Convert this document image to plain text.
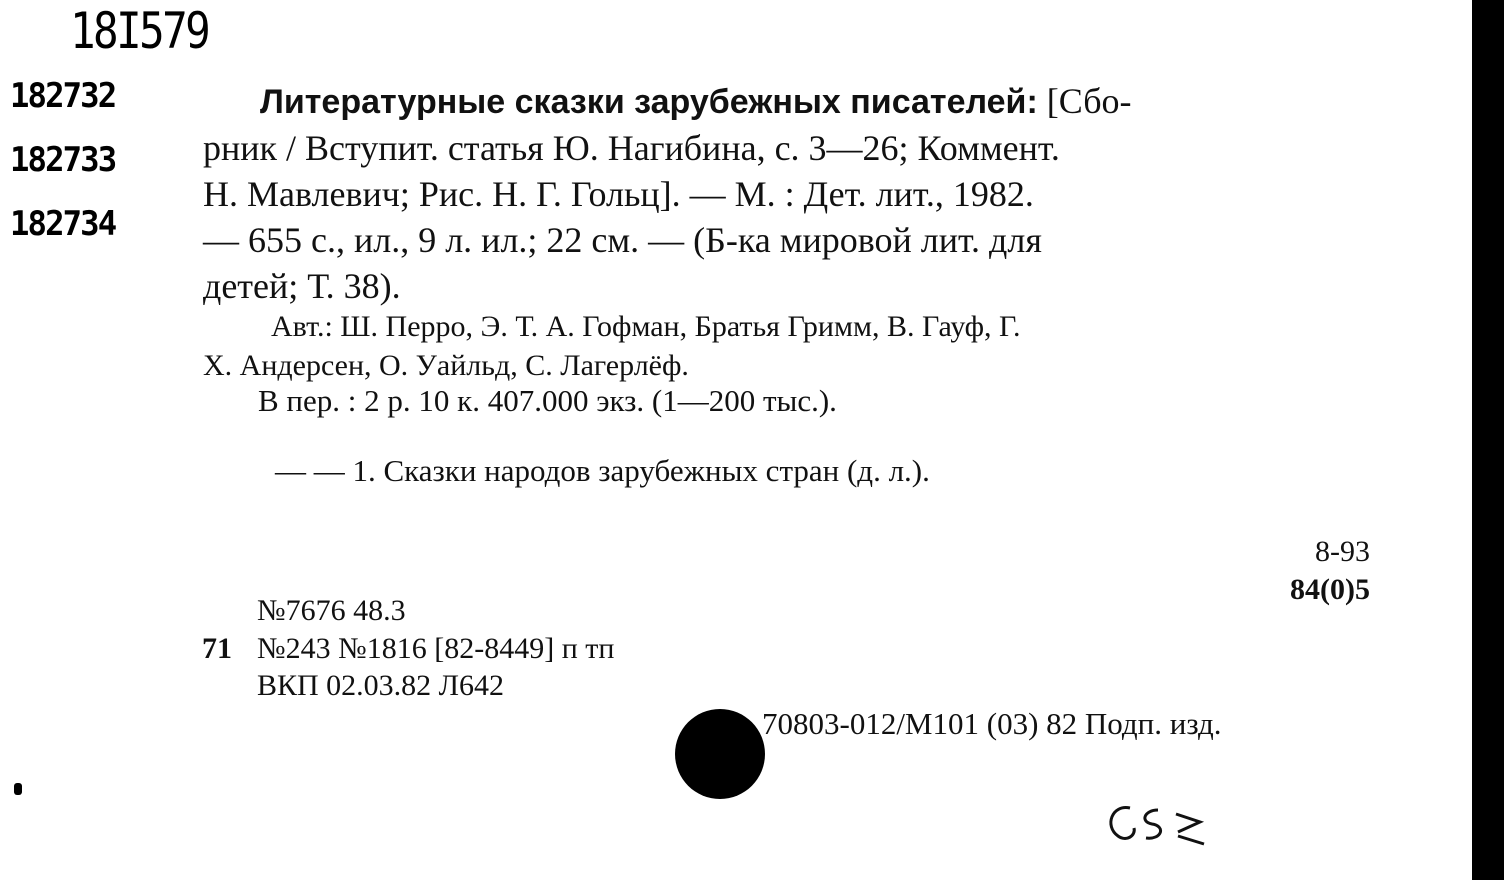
18I579
182732
182733
182734
Литературные сказки зарубежных писателей: [Сбо-
рник / Вступит. статья Ю. Нагибина, с. 3—26; Коммент.
Н. Мавлевич; Рис. Н. Г. Гольц]. — М. : Дет. лит., 1982.
— 655 с., ил., 9 л. ил.; 22 см. — (Б-ка мировой лит. для
детей; Т. 38).
Авт.: Ш. Перро, Э. Т. А. Гофман, Братья Гримм, В. Гауф, Г.
Х. Андерсен, О. Уайльд, С. Лагерлёф.
В пер. : 2 р. 10 к. 407.000 экз. (1—200 тыс.).
— — 1. Сказки народов зарубежных стран (д. л.).
8-93
84(0)5
№7676 48.3
71 №243 №1816 [82-8449] п тп
ВКП 02.03.82 Л642
70803-012/М101 (03) 82 Подп. изд.
